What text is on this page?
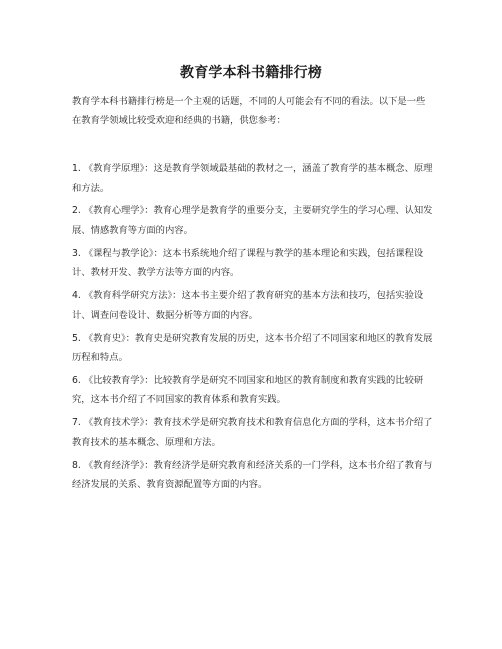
教育学本科书籍排行榜
教育学本科书籍排行榜是一个主观的话题，不同的人可能会有不同的看法。以下是一些在教育学领域比较受欢迎和经典的书籍，供您参考：
1. 《教育学原理》：这是教育学领域最基础的教材之一，涵盖了教育学的基本概念、原理和方法。
2. 《教育心理学》：教育心理学是教育学的重要分支，主要研究学生的学习心理、认知发展、情感教育等方面的内容。
3. 《课程与教学论》：这本书系统地介绍了课程与教学的基本理论和实践，包括课程设计、教材开发、教学方法等方面的内容。
4. 《教育科学研究方法》：这本书主要介绍了教育研究的基本方法和技巧，包括实验设计、调查问卷设计、数据分析等方面的内容。
5. 《教育史》：教育史是研究教育发展的历史，这本书介绍了不同国家和地区的教育发展历程和特点。
6. 《比较教育学》：比较教育学是研究不同国家和地区的教育制度和教育实践的比较研究，这本书介绍了不同国家的教育体系和教育实践。
7. 《教育技术学》：教育技术学是研究教育技术和教育信息化方面的学科，这本书介绍了教育技术的基本概念、原理和方法。
8. 《教育经济学》：教育经济学是研究教育和经济关系的一门学科，这本书介绍了教育与经济发展的关系、教育资源配置等方面的内容。
